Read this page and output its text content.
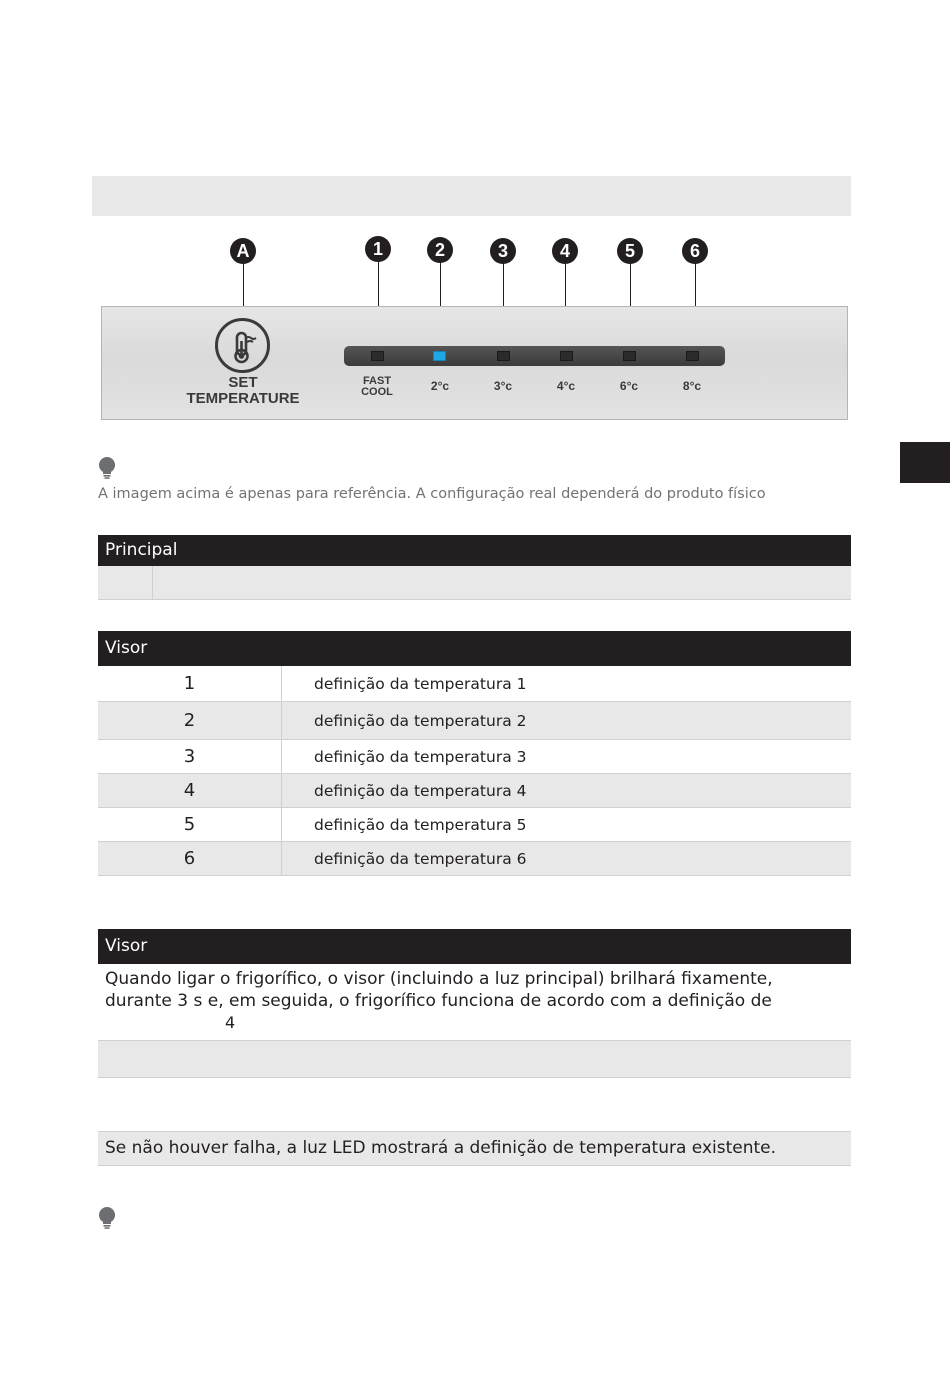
SET
TEMPERATURE
FAST
COOL	2°c	3°c	4°c	6°c	8°c
A	1	2	3	4	5	6
A imagem acima é apenas para referência. A configuração real dependerá do produto físico
Principal
Visor
1	definição da temperatura 1
2	definição da temperatura 2
3	definição da temperatura 3
4	definição da temperatura 4
5	definição da temperatura 5
6	definição da temperatura 6
Visor
Quando ligar o frigorífico, o visor (incluindo a luz principal) brilhará fixamente,
durante 3 s e, em seguida, o frigorífico funciona de acordo com a definição de
4
Se não houver falha, a luz LED mostrará a definição de temperatura existente.
